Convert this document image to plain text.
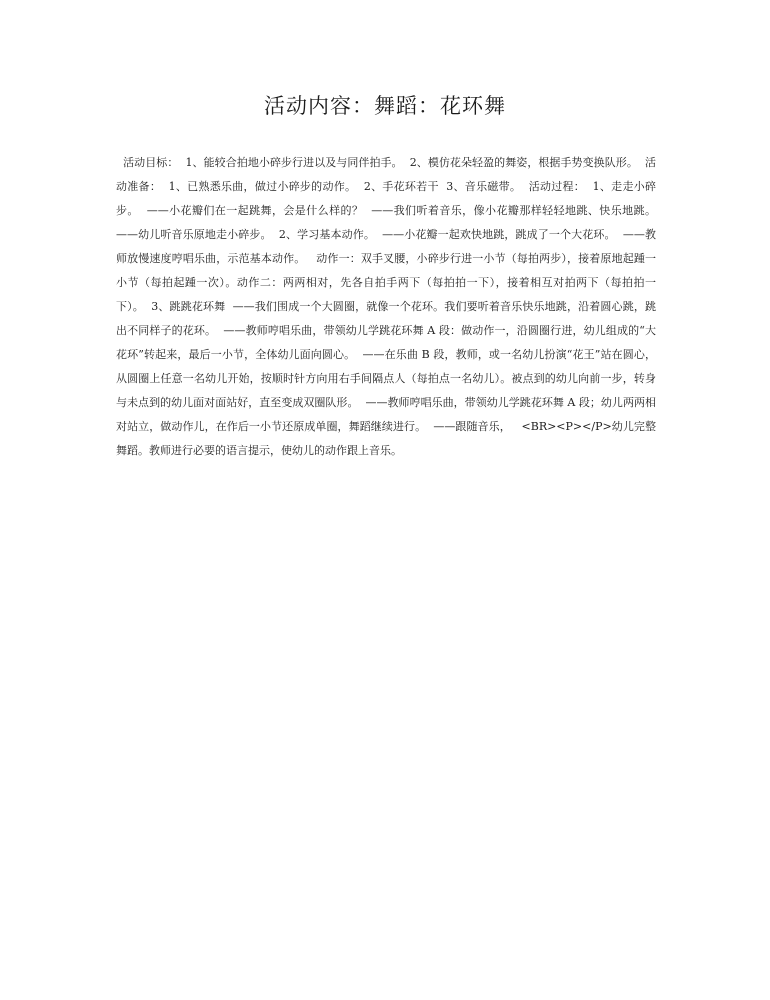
活动内容：舞蹈：花环舞

活动目标：  1、能较合拍地小碎步行进以及与同伴拍手。  2、模仿花朵轻盈的舞姿，根据手势变换队形。  活动准备：  1、已熟悉乐曲，做过小碎步的动作。  2、手花环若干  3、音乐磁带。  活动过程：  1、走走小碎步。  ——小花瓣们在一起跳舞，会是什么样的？  ——我们听着音乐，像小花瓣那样轻轻地跳、快乐地跳。  ——幼儿听音乐原地走小碎步。  2、学习基本动作。  ——小花瓣一起欢快地跳，跳成了一个大花环。  ——教师放慢速度哼唱乐曲，示范基本动作。   动作一：双手叉腰，小碎步行进一小节（每拍两步），接着原地起踵一小节（每拍起踵一次）。动作二：两两相对，先各自拍手两下（每拍拍一下），接着相互对拍两下（每拍拍一下）。  3、跳跳花环舞  ——我们围成一个大圆圈，就像一个花环。我们要听着音乐快乐地跳，沿着圆心跳，跳出不同样子的花环。  ——教师哼唱乐曲，带领幼儿学跳花环舞 A 段：做动作一，沿圆圈行进，幼儿组成的“大花环”转起来，最后一小节，全体幼儿面向圆心。  ——在乐曲 B 段，教师，或一名幼儿扮演“花王”站在圆心，从圆圈上任意一名幼儿开始，按顺时针方向用右手间隔点人（每拍点一名幼儿）。被点到的幼儿向前一步，转身与未点到的幼儿面对面站好，直至变成双圈队形。  ——教师哼唱乐曲，带领幼儿学跳花环舞 A 段；幼儿两两相对站立，做动作儿，在作后一小节还原成单圈，舞蹈继续进行。  ——跟随音乐，   <BR><P></P>幼儿完整舞蹈。教师进行必要的语言提示，使幼儿的动作跟上音乐。
